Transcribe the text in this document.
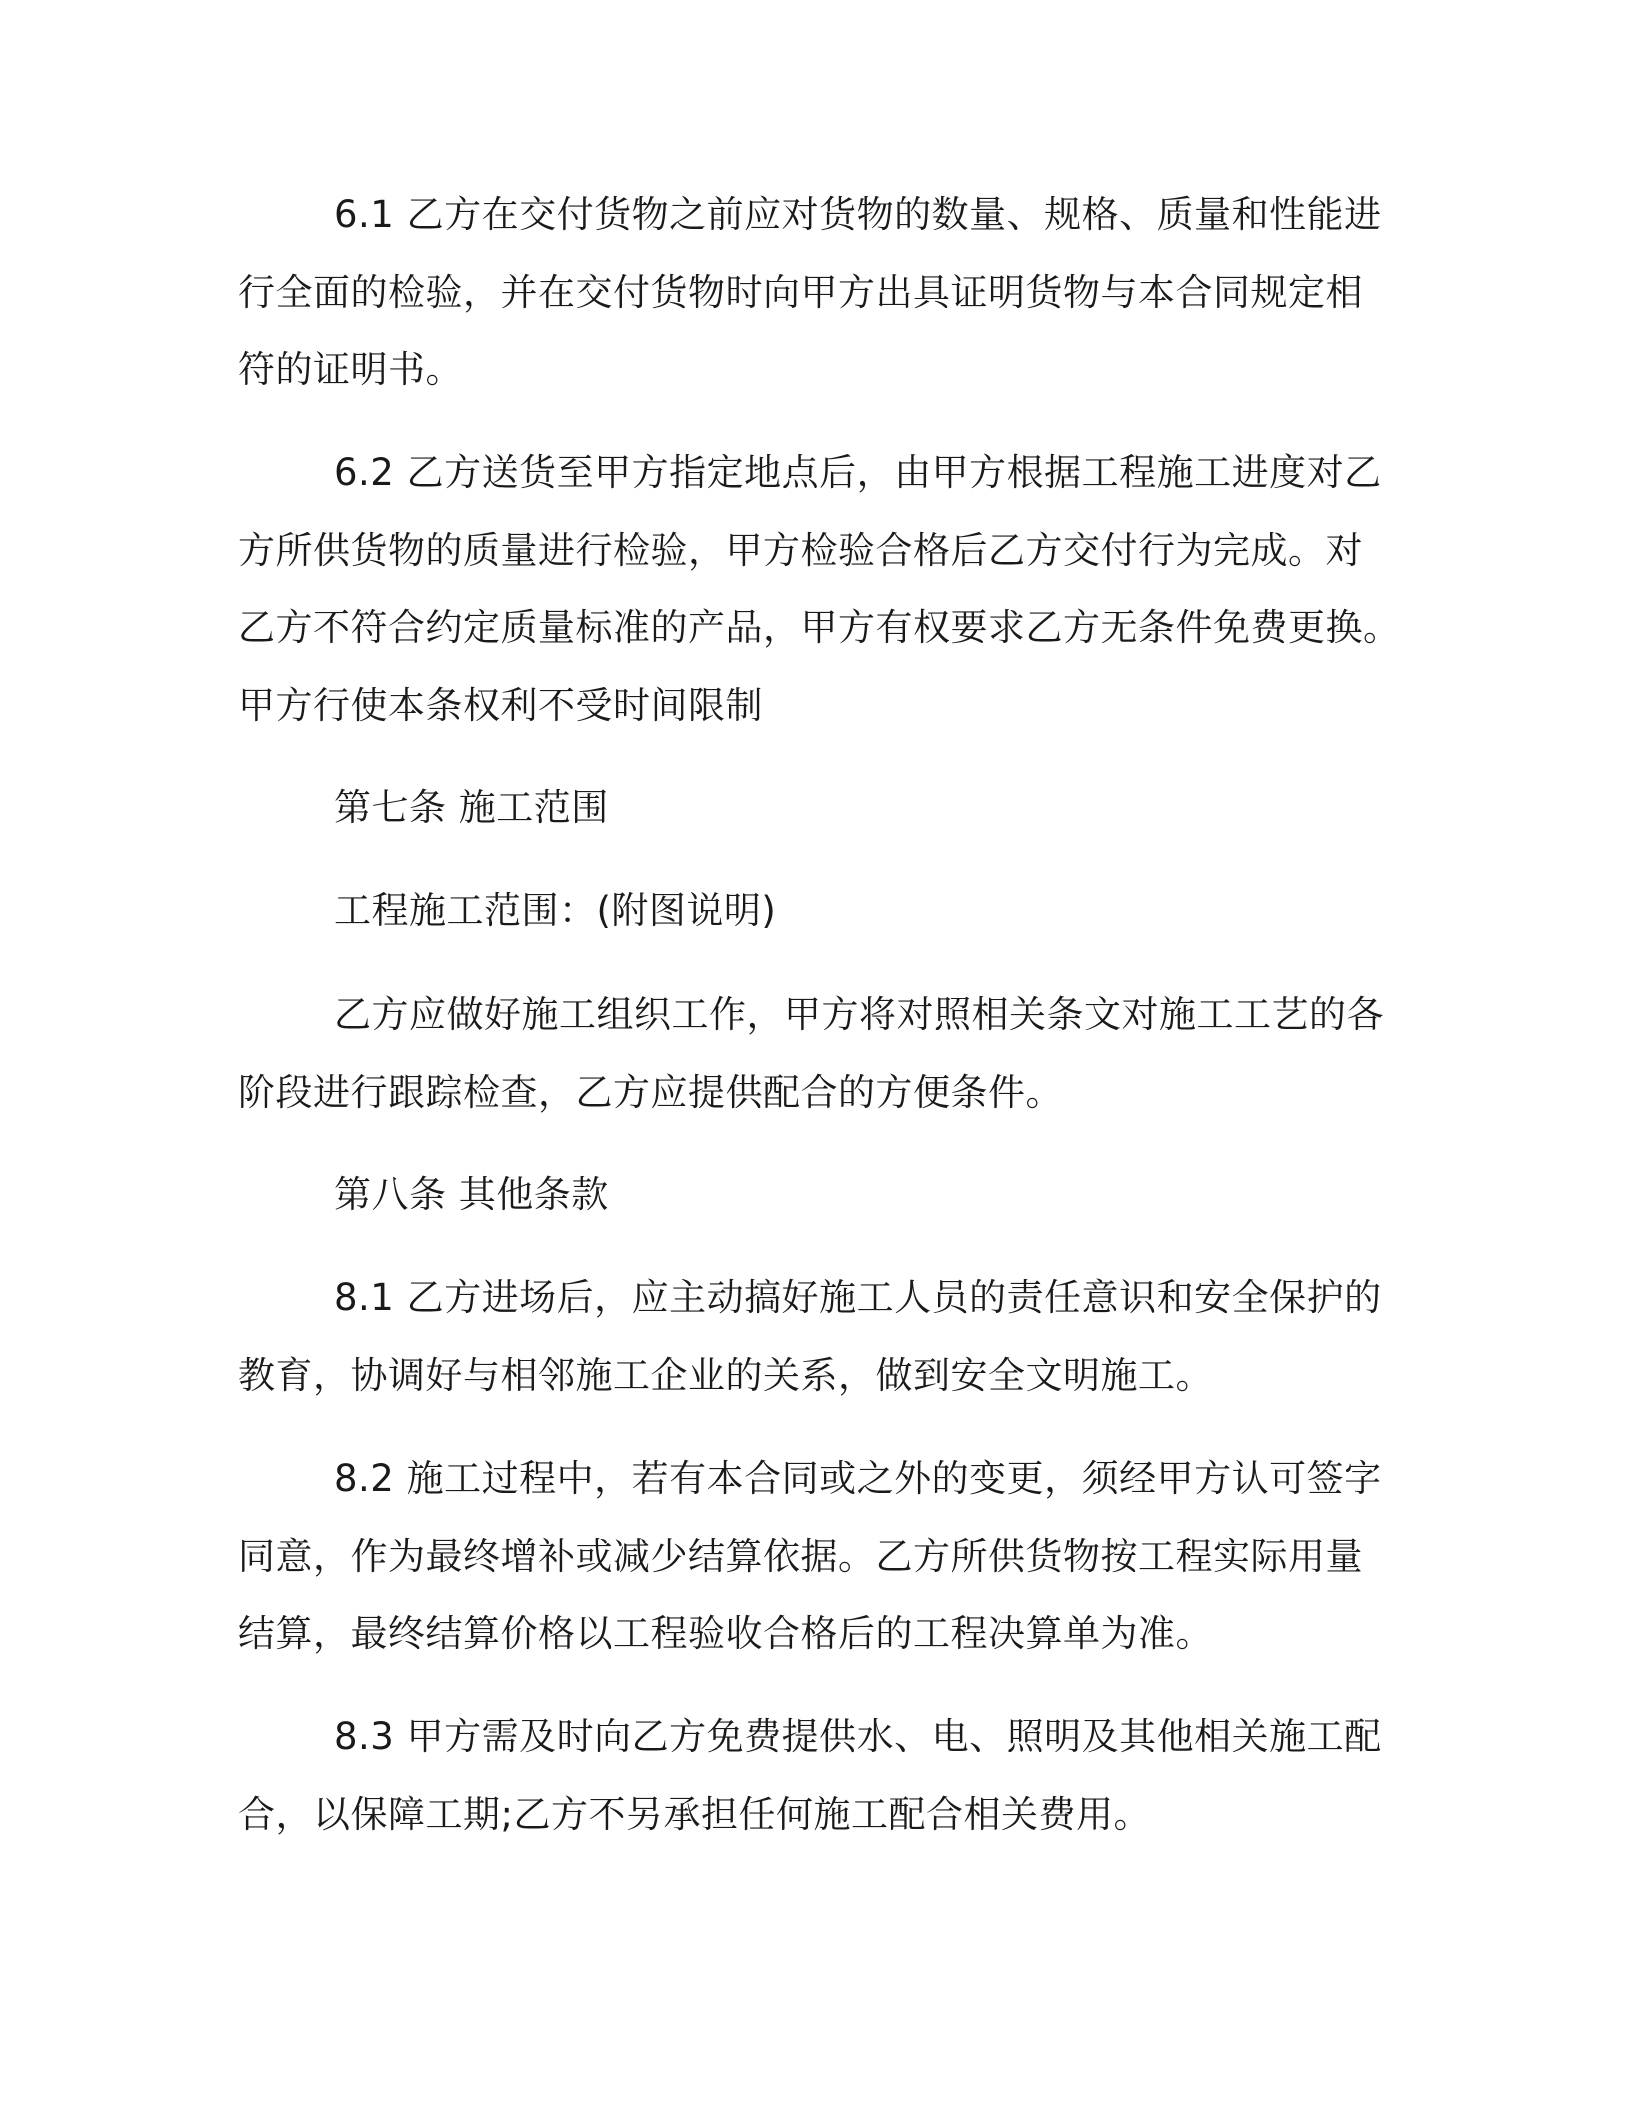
6.1 乙方在交付货物之前应对货物的数量、规格、质量和性能进
行全面的检验，并在交付货物时向甲方出具证明货物与本合同规定相
符的证明书。
6.2 乙方送货至甲方指定地点后，由甲方根据工程施工进度对乙
方所供货物的质量进行检验，甲方检验合格后乙方交付行为完成。对
乙方不符合约定质量标准的产品，甲方有权要求乙方无条件免费更换。
甲方行使本条权利不受时间限制
第七条 施工范围
工程施工范围：(附图说明)
乙方应做好施工组织工作，甲方将对照相关条文对施工工艺的各
阶段进行跟踪检查，乙方应提供配合的方便条件。
第八条 其他条款
8.1 乙方进场后，应主动搞好施工人员的责任意识和安全保护的
教育，协调好与相邻施工企业的关系，做到安全文明施工。
8.2 施工过程中，若有本合同或之外的变更，须经甲方认可签字
同意，作为最终增补或减少结算依据。乙方所供货物按工程实际用量
结算，最终结算价格以工程验收合格后的工程决算单为准。
8.3 甲方需及时向乙方免费提供水、电、照明及其他相关施工配
合，以保障工期;乙方不另承担任何施工配合相关费用。
